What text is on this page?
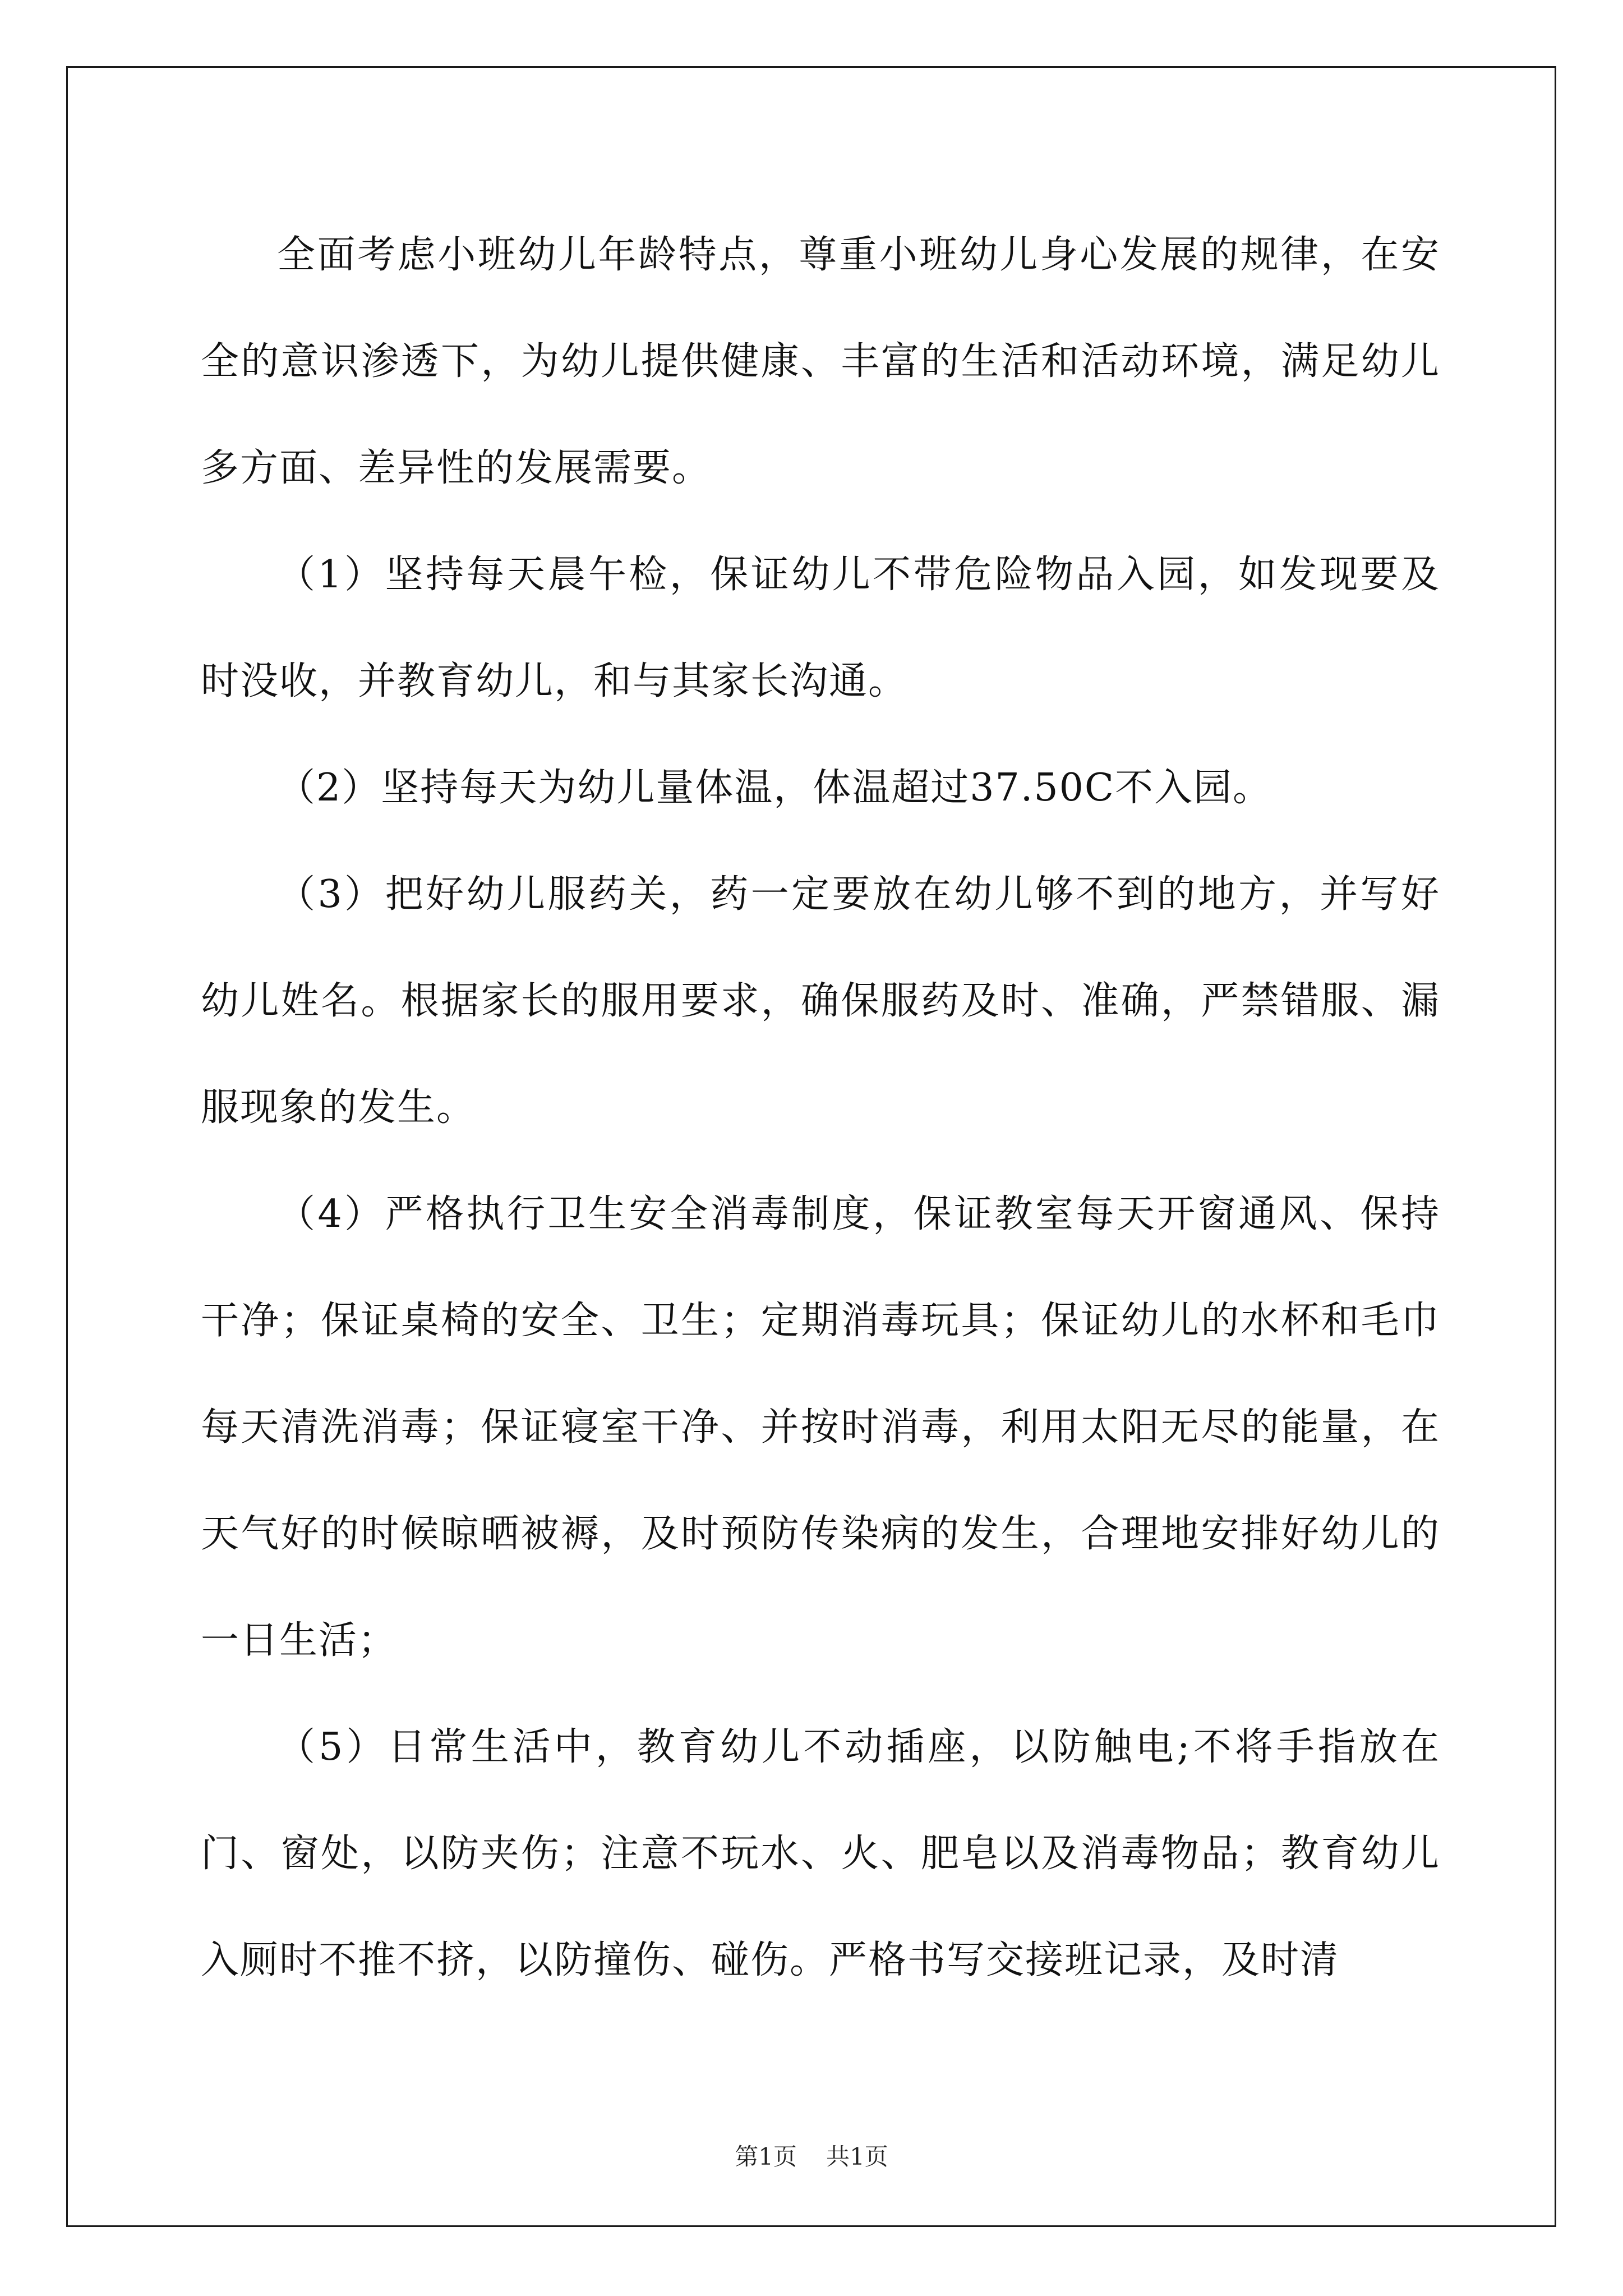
全面考虑小班幼儿年龄特点，尊重小班幼儿身心发展的规律，在安全的意识渗透下，为幼儿提供健康、丰富的生活和活动环境，满足幼儿多方面、差异性的发展需要。

（1）坚持每天晨午检，保证幼儿不带危险物品入园，如发现要及时没收，并教育幼儿，和与其家长沟通。

（2）坚持每天为幼儿量体温，体温超过37.50C不入园。

（3）把好幼儿服药关，药一定要放在幼儿够不到的地方，并写好幼儿姓名。根据家长的服用要求，确保服药及时、准确，严禁错服、漏服现象的发生。

（4）严格执行卫生安全消毒制度，保证教室每天开窗通风、保持干净；保证桌椅的安全、卫生；定期消毒玩具；保证幼儿的水杯和毛巾每天清洗消毒；保证寝室干净、并按时消毒，利用太阳无尽的能量，在天气好的时候晾晒被褥，及时预防传染病的发生，合理地安排好幼儿的一日生活；

（5）日常生活中，教育幼儿不动插座，以防触电;不将手指放在门、窗处，以防夹伤；注意不玩水、火、肥皂以及消毒物品；教育幼儿入厕时不推不挤，以防撞伤、碰伤。严格书写交接班记录，及时清

第1页 共1页
